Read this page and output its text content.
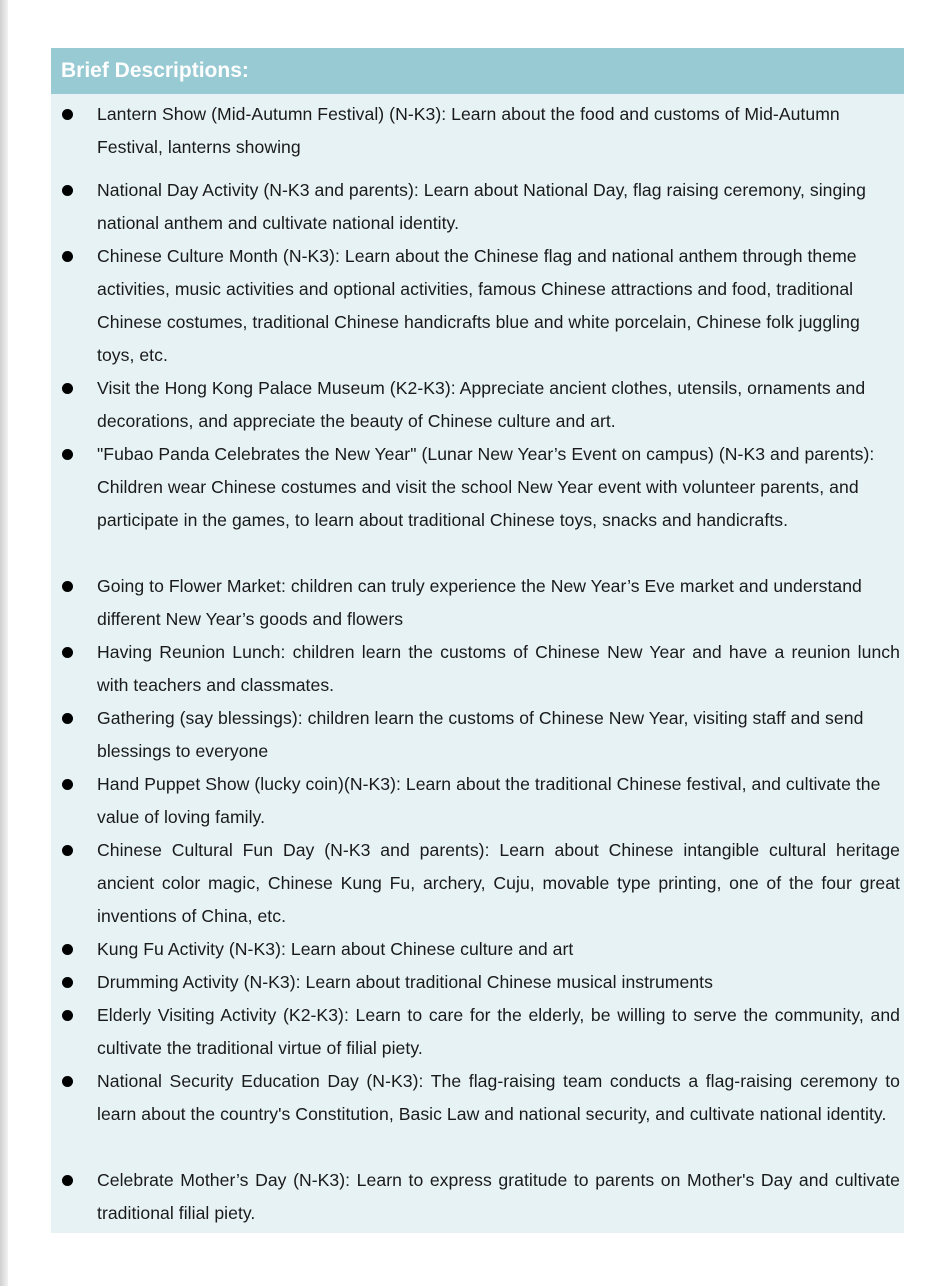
Brief Descriptions:
Lantern Show (Mid-Autumn Festival) (N-K3): Learn about the food and customs of Mid-Autumn Festival, lanterns showing
National Day Activity (N-K3 and parents): Learn about National Day, flag raising ceremony, singing national anthem and cultivate national identity.
Chinese Culture Month (N-K3): Learn about the Chinese flag and national anthem through theme activities, music activities and optional activities, famous Chinese attractions and food, traditional Chinese costumes, traditional Chinese handicrafts blue and white porcelain, Chinese folk juggling toys, etc.
Visit the Hong Kong Palace Museum (K2-K3): Appreciate ancient clothes, utensils, ornaments and decorations, and appreciate the beauty of Chinese culture and art.
"Fubao Panda Celebrates the New Year" (Lunar New Year’s Event on campus) (N-K3 and parents): Children wear Chinese costumes and visit the school New Year event with volunteer parents, and participate in the games, to learn about traditional Chinese toys, snacks and handicrafts.
Going to Flower Market: children can truly experience the New Year’s Eve market and understand different New Year’s goods and flowers
Having Reunion Lunch: children learn the customs of Chinese New Year and have a reunion lunch with teachers and classmates.
Gathering (say blessings): children learn the customs of Chinese New Year, visiting staff and send blessings to everyone
Hand Puppet Show (lucky coin)(N-K3): Learn about the traditional Chinese festival, and cultivate the value of loving family.
Chinese Cultural Fun Day (N-K3 and parents): Learn about Chinese intangible cultural heritage ancient color magic, Chinese Kung Fu, archery, Cuju, movable type printing, one of the four great inventions of China, etc.
Kung Fu Activity (N-K3): Learn about Chinese culture and art
Drumming Activity (N-K3): Learn about traditional Chinese musical instruments
Elderly Visiting Activity (K2-K3): Learn to care for the elderly, be willing to serve the community, and cultivate the traditional virtue of filial piety.
National Security Education Day (N-K3): The flag-raising team conducts a flag-raising ceremony to learn about the country's Constitution, Basic Law and national security, and cultivate national identity.
Celebrate Mother’s Day (N-K3): Learn to express gratitude to parents on Mother's Day and cultivate traditional filial piety.
